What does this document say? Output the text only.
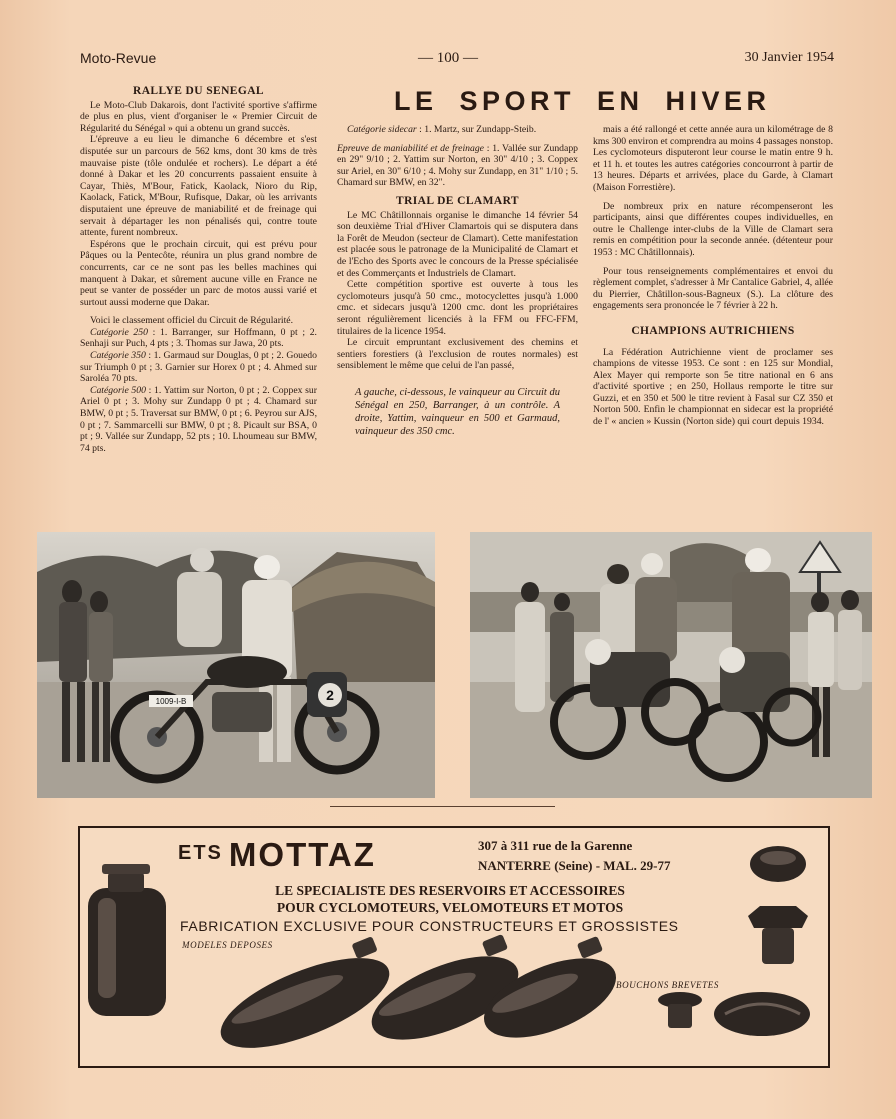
Moto-Revue	— 100 —	30 Janvier 1954
LE SPORT EN HIVER
RALLYE DU SENEGAL

Le Moto-Club Dakarois, dont l'activité sportive s'affirme de plus en plus, vient d'organiser le « Premier Circuit de Régularité du Sénégal » qui a obtenu un grand succès.

L'épreuve a eu lieu le dimanche 6 décembre et s'est disputée sur un parcours de 562 kms, dont 30 kms de très mauvaise piste (tôle ondulée et rochers). Le départ a été donné à Dakar et les 20 concurrents passaient ensuite à Cayar, Thiès, M'Bour, Fatick, Kaolack, Nioro du Rip, Kaolack, Fatick, M'Bour, Rufisque, Dakar, où les arrivants disputaient une épreuve de maniabilité et de freinage qui servait à départager les non pénalisés qui, contre toute attente, furent nombreux.

Espérons que le prochain circuit, qui est prévu pour Pâques ou la Pentecôte, réunira un plus grand nombre de concurrents, car ce ne sont pas les belles machines qui manquent à Dakar, et sûrement aucune ville en France ne peut se vanter de posséder un parc de motos aussi varié et surtout aussi moderne que Dakar.

Voici le classement officiel du Circuit de Régularité.

Catégorie 250 : 1. Barranger, sur Hoffmann, 0 pt ; 2. Senhaji sur Puch, 4 pts ; 3. Thomas sur Jawa, 20 pts.

Catégorie 350 : 1. Garmaud sur Douglas, 0 pt ; 2. Gouedo sur Triumph 0 pt ; 3. Garnier sur Horex 0 pt ; 4. Ahmed sur Saroléa 70 pts.

Catégorie 500 : 1. Yattim sur Norton, 0 pt ; 2. Coppex sur Ariel 0 pt ; 3. Mohy sur Zundapp 0 pt ; 4. Chamard sur BMW, 0 pt ; 5. Traversat sur BMW, 0 pt ; 6. Peyrou sur AJS, 0 pt ; 7. Sammarcelli sur BMW, 0 pt ; 8. Picault sur BSA, 0 pt ; 9. Vallée sur Zundapp, 52 pts ; 10. Lhoumeau sur BMW, 74 pts.

Catégorie sidecar : 1. Martz, sur Zundapp-Steib.

Epreuve de maniabilité et de freinage : 1. Vallée sur Zundapp en 29" 9/10 ; 2. Yattim sur Norton, en 30" 4/10 ; 3. Coppex sur Ariel, en 30" 6/10 ; 4. Mohy sur Zundapp, en 31" 1/10 ; 5. Chamard sur BMW, en 32".

TRIAL DE CLAMART

Le MC Châtillonnais organise le dimanche 14 février 54 son deuxième Trial d'Hiver Clamartois qui se disputera dans la Forêt de Meudon (secteur de Clamart). Cette manifestation est placée sous le patronage de la Municipalité de Clamart et de l'Echo des Sports avec le concours de la Presse spécialisée et des Commerçants et Industriels de Clamart.

Cette compétition sportive est ouverte à tous les cyclomoteurs jusqu'à 50 cmc., motocyclettes jusqu'à 1.000 cmc. et sidecars jusqu'à 1200 cmc. dont les propriétaires seront régulièrement licenciés à la FFM ou FFC-FFM, titulaires de la licence 1954.

Le circuit empruntant exclusivement des chemins et sentiers forestiers (à l'exclusion de routes normales) est sensiblement le même que celui de l'an passé,

A gauche, ci-dessous, le vainqueur au Circuit du Sénégal en 250, Barranger, à un contrôle. A droite, Yattim, vainqueur en 500 et Garmaud, vainqueur des 350 cmc.

mais a été rallongé et cette année aura un kilométrage de 8 kms 300 environ et comprendra au moins 4 passages nonstop. Les cyclomoteurs disputeront leur course le matin entre 9 h. et 11 h. et toutes les autres catégories concourront à partir de 13 heures. Départs et arrivées, place du Garde, à Clamart (Maison Forrestière).

De nombreux prix en nature récompenseront les participants, ainsi que différentes coupes individuelles, en outre le Challenge inter-clubs de la Ville de Clamart sera remis en compétition pour la seconde année. (détenteur pour 1953 : MC Châtillonnais).

Pour tous renseignements complémentaires et envoi du règlement complet, s'adresser à Mr Cantalice Gabriel, 4, allée du Pierrier, Châtillon-sous-Bagneux (S.). La clôture des engagements sera prononcée le 7 février à 22 h.

CHAMPIONS AUTRICHIENS

La Fédération Autrichienne vient de proclamer ses champions de vitesse 1953. Ce sont : en 125 sur Mondial, Alex Mayer qui remporte son 5e titre national en 6 ans d'activité sportive ; en 250, Hollaus remporte le titre sur Guzzi, et en 350 et 500 le titre revient à Fasal sur CZ 350 et Norton 500. Enfin le championnat en sidecar est la propriété de l' « ancien » Kussin (Norton side) qui court depuis 1934.

2
1009-I-B
$^{ETS}$ MOTTAZ	307 à 311 rue de la Garenne
NANTERRE (Seine) - MAL. 29-77
LE SPECIALISTE DES RESERVOIRS ET ACCESSOIRES
POUR CYCLOMOTEURS, VELOMOTEURS ET MOTOS
FABRICATION EXCLUSIVE POUR CONSTRUCTEURS ET GROSSISTES
MODELES DEPOSES
BOUCHONS BREVETES
